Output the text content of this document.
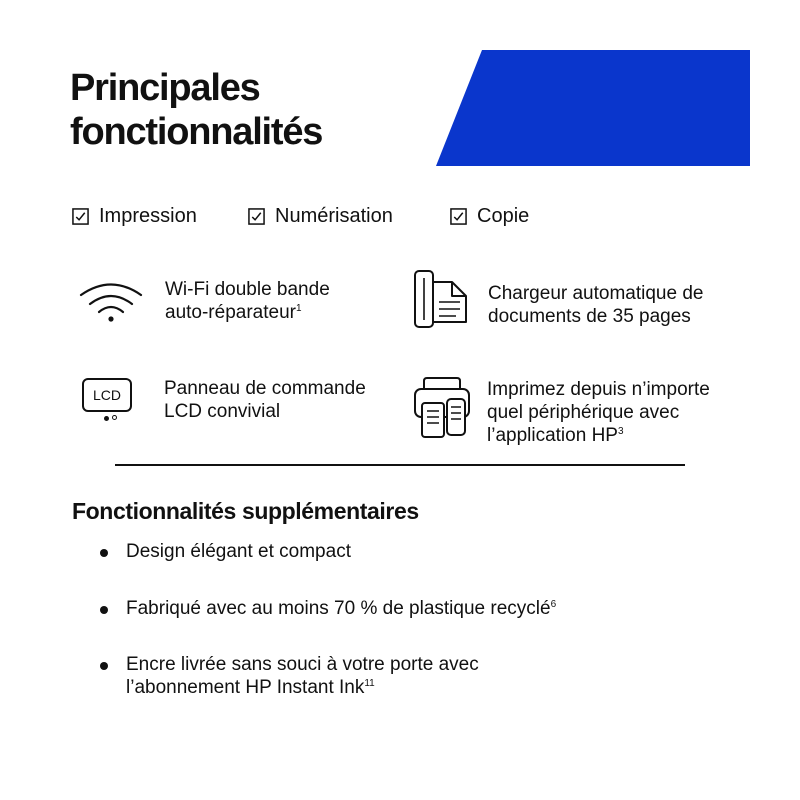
Principales
fonctionnalités
Impression	Numérisation	Copie
Wi-Fi double bande
auto-réparateur$^1$
Chargeur automatique de
documents de 35 pages
LCD	Panneau de commande
LCD convivial
Imprimez depuis n’importe
quel périphérique avec
l’application $HP^3$
Fonctionnalités supplémentaires
Design élégant et compact
Fabriqué avec au moins 70 % de plastique recyclé$^6$
Encre livrée sans souci à votre porte avec
l’abonnement HP Instant Ink$^{11}$
